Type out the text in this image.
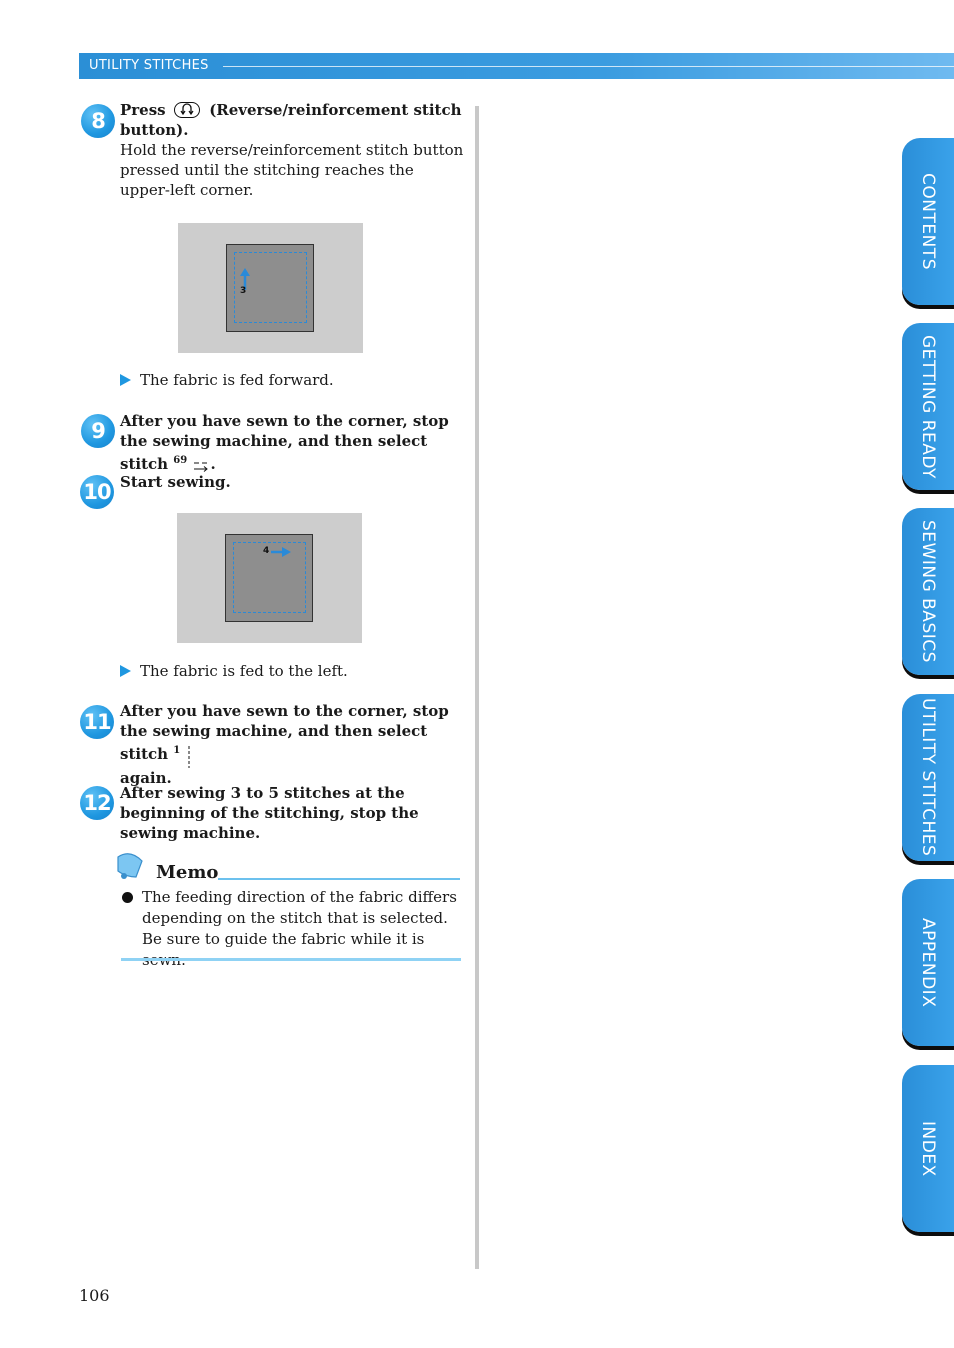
UTILITY STITCHES
8	Press	(Reverse/reinforcement stitch button).
Hold the reverse/reinforcement stitch button pressed until the stitching reaches the upper-left corner.
3
The fabric is fed forward.
9	After you have sewn to the corner, stop the sewing machine, and then select stitch $^{69}$ .
10 Start sewing.
4
The fabric is fed to the left.
11 After you have sewn to the corner, stop the sewing machine, and then select stitch $^1$
again.
12 After sewing 3 to 5 stitches at the beginning of the stitching, stop the sewing machine.
Memo
The feeding direction of the fabric differs depending on the stitch that is selected. Be sure to guide the fabric while it is
106
CONTENTS
GETTING READY
SEWING BASICS
UTILITY STITCHES
APPENDIX
INDEX
